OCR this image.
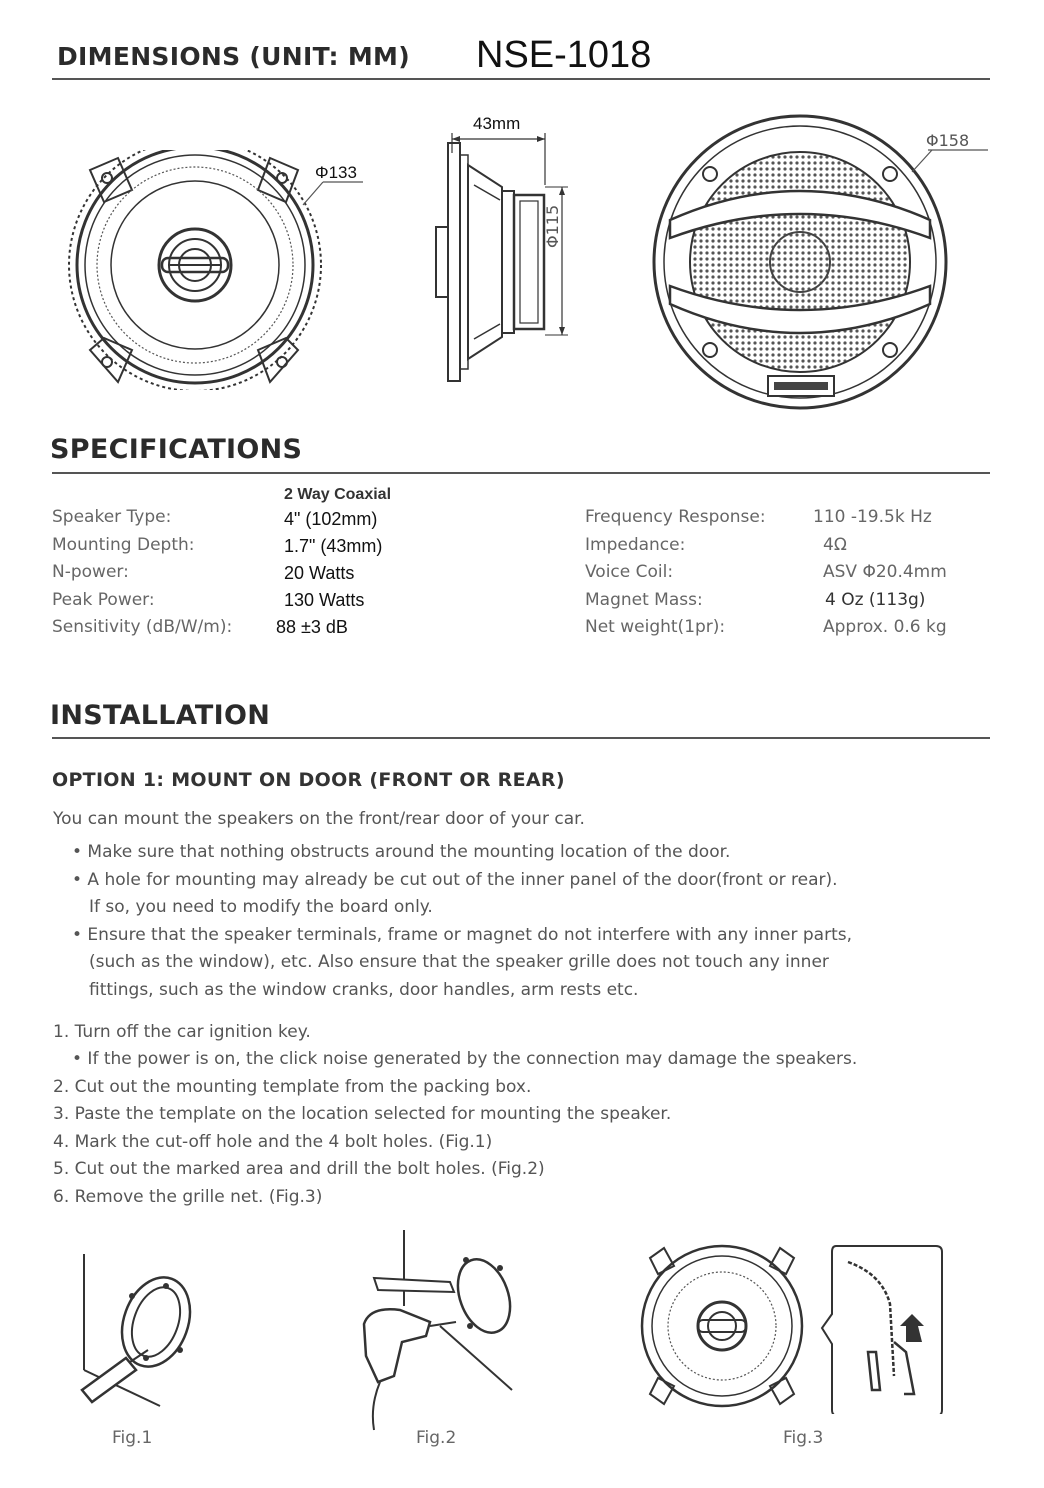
DIMENSIONS (UNIT: MM) NSE-1018
Φ133
43mm
Φ115
Φ158
SPECIFICATIONS
2 Way Coaxial
Speaker Type:
Mounting Depth:
N-power:
Peak Power:
Sensitivity (dB/W/m):
4" (102mm)
1.7" (43mm)
20 Watts
130 Watts
88 ±3 dB
Frequency Response:
Impedance:
Voice Coil:
Magnet Mass:
Net weight(1pr):
110 -19.5k Hz
4Ω
ASV Φ20.4mm
4 Oz (113g)
Approx. 0.6 kg
INSTALLATION
OPTION 1: MOUNT ON DOOR (FRONT OR REAR)
You can mount the speakers on the front/rear door of your car.
• Make sure that nothing obstructs around the mounting location of the door.
• A hole for mounting may already be cut out of the inner panel of the door(front or rear).
If so, you need to modify the board only.
• Ensure that the speaker terminals, frame or magnet do not interfere with any inner parts,
(such as the window), etc. Also ensure that the speaker grille does not touch any inner
fittings, such as the window cranks, door handles, arm rests etc.
1. Turn off the car ignition key.
• If the power is on, the click noise generated by the connection may damage the speakers.
2. Cut out the mounting template from the packing box.
3. Paste the template on the location selected for mounting the speaker.
4. Mark the cut-off hole and the 4 bolt holes. (Fig.1)
5. Cut out the marked area and drill the bolt holes. (Fig.2)
6. Remove the grille net. (Fig.3)
Fig.1	Fig.2	Fig.3
